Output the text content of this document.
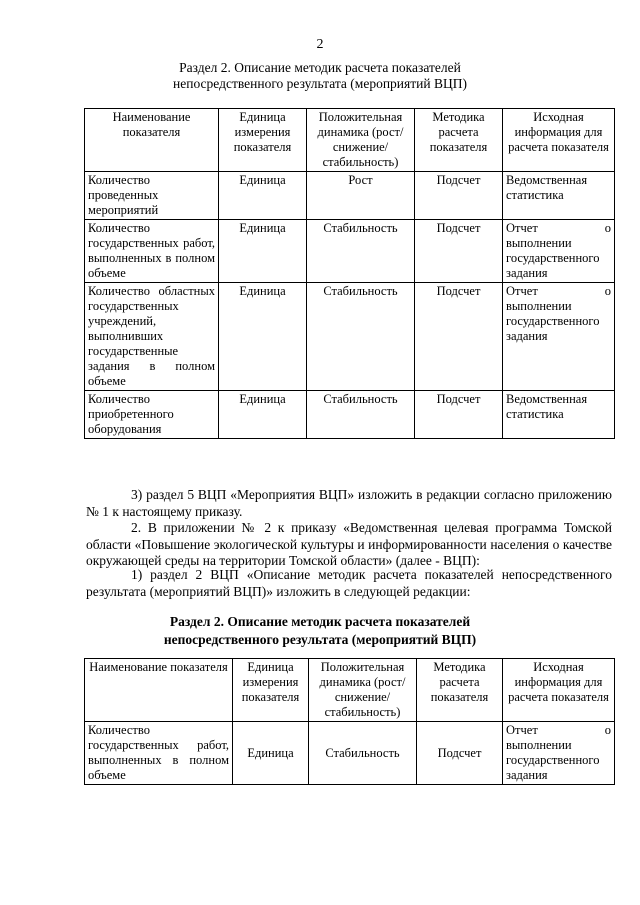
2
Раздел 2. Описание методик расчета показателей
непосредственного результата (мероприятий ВЦП)
Наименование показателя	Единица измерения показателя	Положительная динамика (рост/снижение/ стабильность)	Методика расчета показателя	Исходная информация для расчета показателя
Количество проведенных мероприятий	Единица	Рост	Подсчет	Ведомственная статистика
Количество государственных работ, выполненных в полном объеме	Единица	Стабильность	Подсчет	Отчет о выполнении государственного задания
Количество областных государственных учреждений, выполнивших государственные задания в полном объеме	Единица	Стабильность	Подсчет	Отчет о выполнении государственного задания
Количество приобретенного оборудования	Единица	Стабильность	Подсчет	Ведомственная статистика
3) раздел 5 ВЦП «Мероприятия ВЦП» изложить в редакции согласно приложению № 1 к настоящему приказу.
2. В приложении № 2 к приказу «Ведомственная целевая программа Томской области «Повышение экологической культуры и информированности населения о качестве окружающей среды на территории Томской области» (далее - ВЦП):
1) раздел 2 ВЦП «Описание методик расчета показателей непосредственного результата (мероприятий ВЦП)» изложить в следующей редакции:
Раздел 2. Описание методик расчета показателей
непосредственного результата (мероприятий ВЦП)
Наименование показателя	Единица измерения показателя	Положительная динамика (рост/снижение/ стабильность)	Методика расчета показателя	Исходная информация для расчета показателя
Количество государственных работ, выполненных в полном объеме	Единица	Стабильность	Подсчет	Отчет о выполнении государственного задания
